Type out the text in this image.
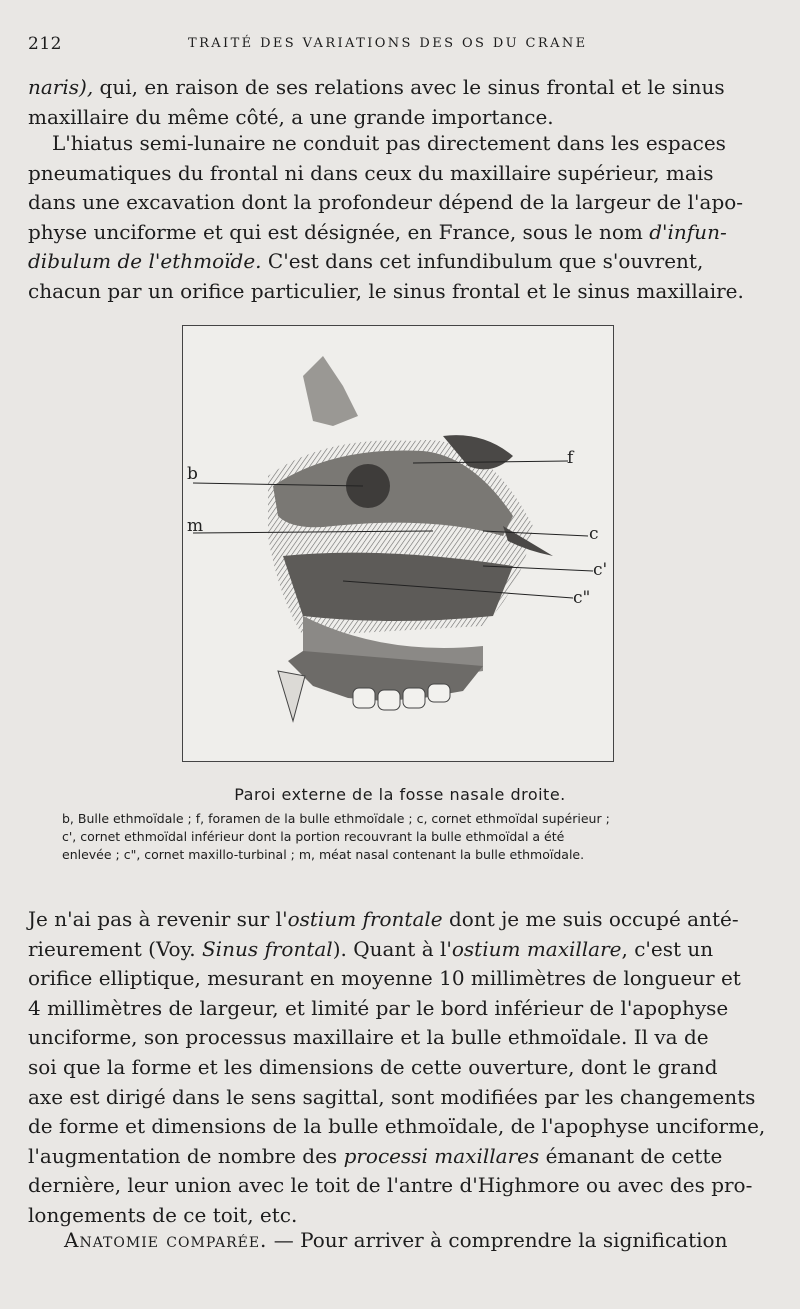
212	TRAITÉ DES VARIATIONS DES OS DU CRANE

naris), qui, en raison de ses relations avec le sinus frontal et le sinus
maxillaire du même côté, a une grande importance.

L'hiatus semi-lunaire ne conduit pas directement dans les espaces
pneumatiques du frontal ni dans ceux du maxillaire supérieur, mais
dans une excavation dont la profondeur dépend de la largeur de l'apo-
physe unciforme et qui est désignée, en France, sous le nom d'infun-
dibulum de l'ethmoïde. C'est dans cet infundibulum que s'ouvrent,
chacun par un orifice particulier, le sinus frontal et le sinus maxillaire.

b
m
f
c
c'
c"
Paroi externe de la fosse nasale droite.
b, Bulle ethmoïdale ; f, foramen de la bulle ethmoïdale ; c, cornet ethmoïdal supérieur ;
c', cornet ethmoïdal inférieur dont la portion recouvrant la bulle ethmoïdal a été
enlevée ; c", cornet maxillo-turbinal ; m, méat nasal contenant la bulle ethmoïdale.

Je n'ai pas à revenir sur l'ostium frontale dont je me suis occupé anté-
rieurement (Voy. Sinus frontal). Quant à l'ostium maxillare, c'est un
orifice elliptique, mesurant en moyenne 10 millimètres de longueur et
4 millimètres de largeur, et limité par le bord inférieur de l'apophyse
unciforme, son processus maxillaire et la bulle ethmoïdale. Il va de
soi que la forme et les dimensions de cette ouverture, dont le grand
axe est dirigé dans le sens sagittal, sont modifiées par les changements
de forme et dimensions de la bulle ethmoïdale, de l'apophyse unciforme,
l'augmentation de nombre des processi maxillares émanant de cette
dernière, leur union avec le toit de l'antre d'Highmore ou avec des pro-
longements de ce toit, etc.

Anatomie comparée. — Pour arriver à comprendre la signification
